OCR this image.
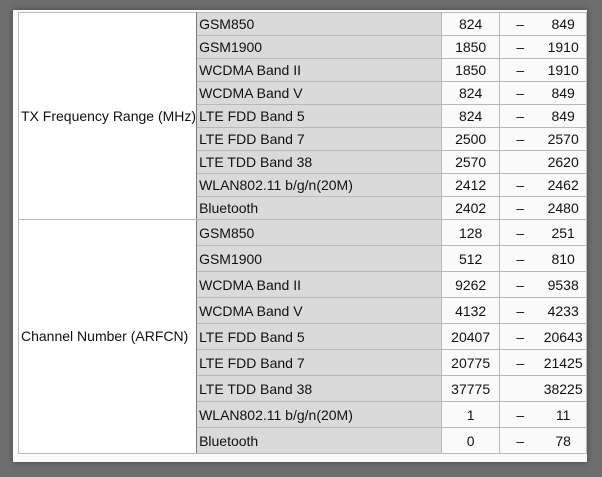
TX Frequency Range (MHz)	GSM850	824	–	849
	GSM1900	1850	–	1910
	WCDMA Band II	1850	–	1910
	WCDMA Band V	824	–	849
	LTE FDD Band 5	824	–	849
	LTE FDD Band 7	2500	–	2570
	LTE TDD Band 38	2570		2620
	WLAN802.11 b/g/n(20M)	2412	–	2462
	Bluetooth	2402	–	2480
Channel Number (ARFCN)	GSM850	128	–	251
	GSM1900	512	–	810
	WCDMA Band II	9262	–	9538
	WCDMA Band V	4132	–	4233
	LTE FDD Band 5	20407	–	20643
	LTE FDD Band 7	20775	–	21425
	LTE TDD Band 38	37775		38225
	WLAN802.11 b/g/n(20M)	1	–	11
	Bluetooth	0	–	78
